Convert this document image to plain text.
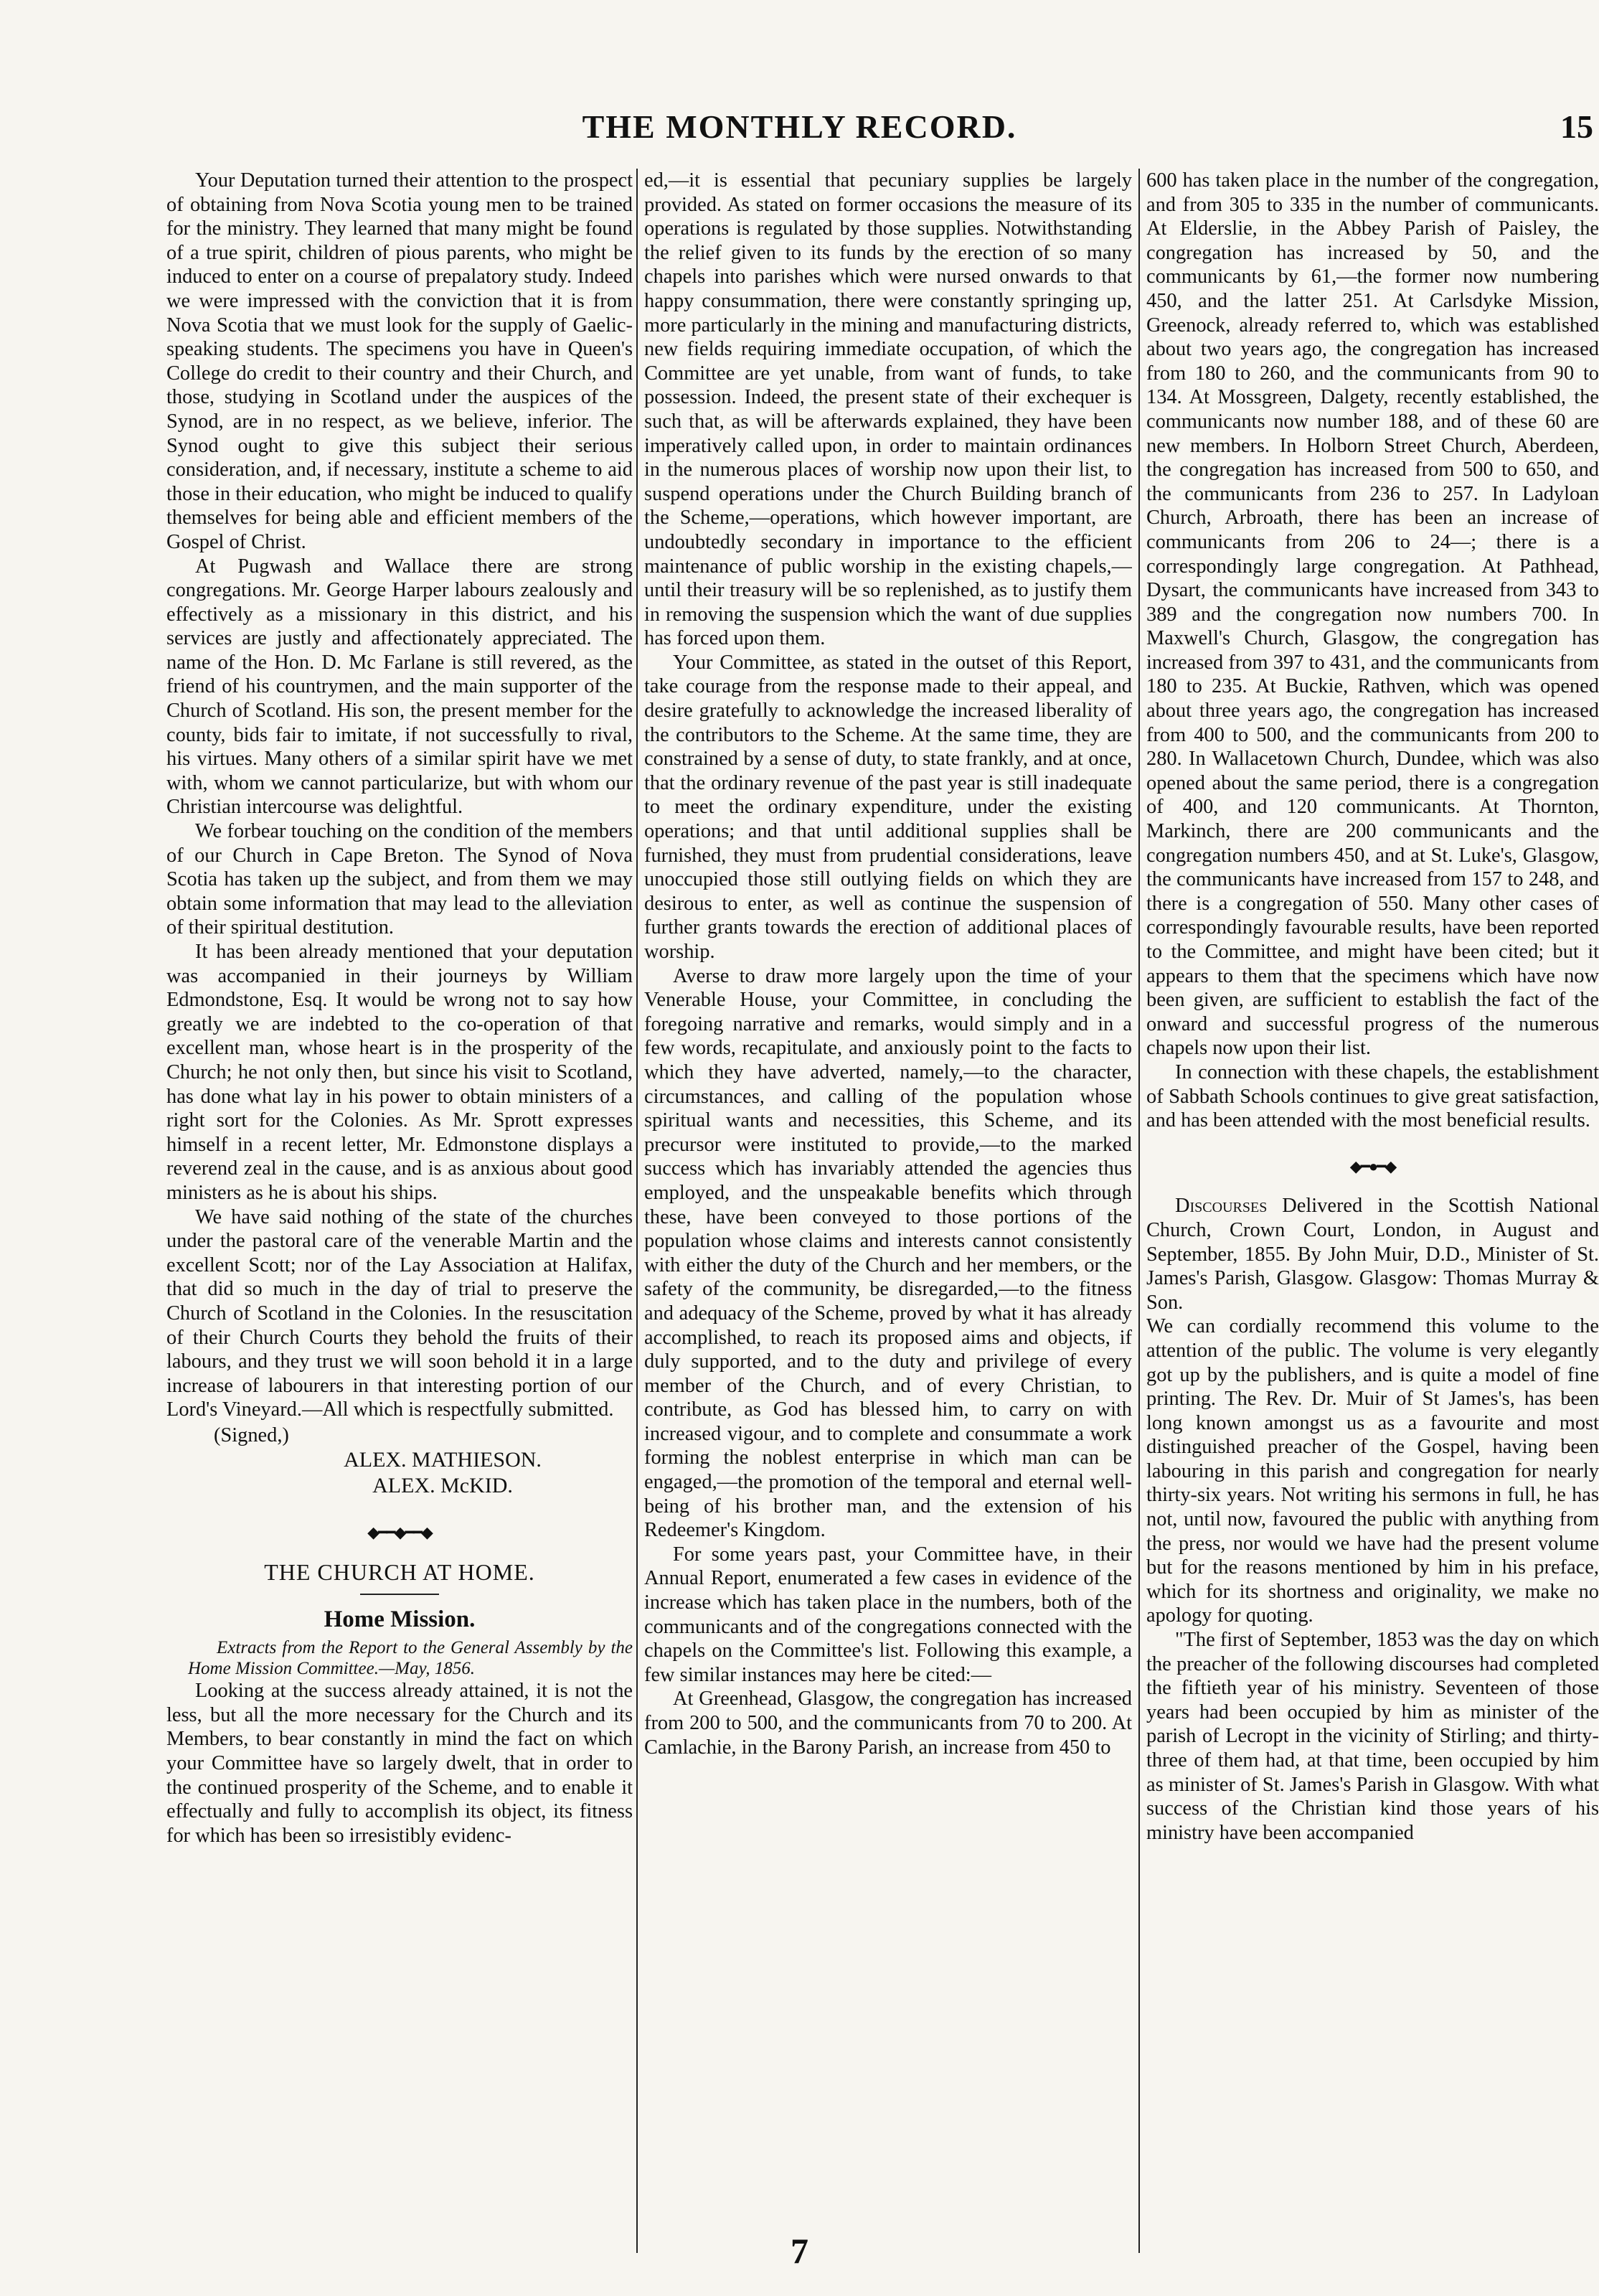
THE MONTHLY RECORD.	15

Your Deputation turned their attention to the prospect of obtaining from Nova Scotia young men to be trained for the ministry. They learned that many might be found of a true spirit, children of pious parents, who might be induced to enter on a course of prepalatory study. Indeed we were impressed with the conviction that it is from Nova Scotia that we must look for the supply of Gaelic-speaking students. The specimens you have in Queen's College do credit to their country and their Church, and those, studying in Scotland under the auspices of the Synod, are in no respect, as we believe, inferior. The Synod ought to give this subject their serious consideration, and, if necessary, institute a scheme to aid those in their education, who might be induced to qualify themselves for being able and efficient members of the Gospel of Christ.

At Pugwash and Wallace there are strong congregations. Mr. George Harper labours zealously and effectively as a missionary in this district, and his services are justly and affectionately appreciated. The name of the Hon. D. Mc Farlane is still revered, as the friend of his countrymen, and the main supporter of the Church of Scotland. His son, the present member for the county, bids fair to imitate, if not successfully to rival, his virtues. Many others of a similar spirit have we met with, whom we cannot particularize, but with whom our Christian intercourse was delightful.

We forbear touching on the condition of the members of our Church in Cape Breton. The Synod of Nova Scotia has taken up the subject, and from them we may obtain some information that may lead to the alleviation of their spiritual destitution.

It has been already mentioned that your deputation was accompanied in their journeys by William Edmondstone, Esq. It would be wrong not to say how greatly we are indebted to the co-operation of that excellent man, whose heart is in the prosperity of the Church; he not only then, but since his visit to Scotland, has done what lay in his power to obtain ministers of a right sort for the Colonies. As Mr. Sprott expresses himself in a recent letter, Mr. Edmonstone displays a reverend zeal in the cause, and is as anxious about good ministers as he is about his ships.

We have said nothing of the state of the churches under the pastoral care of the venerable Martin and the excellent Scott; nor of the Lay Association at Halifax, that did so much in the day of trial to preserve the Church of Scotland in the Colonies. In the resuscitation of their Church Courts they behold the fruits of their labours, and they trust we will soon behold it in a large increase of labourers in that interesting portion of our Lord's Vineyard.—All which is respectfully submitted.

(Signed,)
ALEX. MATHIESON.
ALEX. McKID.
◆━━◆━━◆
THE CHURCH AT HOME.
Home Mission.

Extracts from the Report to the General Assembly by the Home Mission Committee.—May, 1856.

Looking at the success already attained, it is not the less, but all the more necessary for the Church and its Members, to bear constantly in mind the fact on which your Committee have so largely dwelt, that in order to the continued prosperity of the Scheme, and to enable it effectually and fully to accomplish its object, its fitness for which has been so irresistibly evidenc-

ed,—it is essential that pecuniary supplies be largely provided. As stated on former occasions the measure of its operations is regulated by those supplies. Notwithstanding the relief given to its funds by the erection of so many chapels into parishes which were nursed onwards to that happy consummation, there were constantly springing up, more particularly in the mining and manufacturing districts, new fields requiring immediate occupation, of which the Committee are yet unable, from want of funds, to take possession. Indeed, the present state of their exchequer is such that, as will be afterwards explained, they have been imperatively called upon, in order to maintain ordinances in the numerous places of worship now upon their list, to suspend operations under the Church Building branch of the Scheme,—operations, which however important, are undoubtedly secondary in importance to the efficient maintenance of public worship in the existing chapels,—until their treasury will be so replenished, as to justify them in removing the suspension which the want of due supplies has forced upon them.

Your Committee, as stated in the outset of this Report, take courage from the response made to their appeal, and desire gratefully to acknowledge the increased liberality of the contributors to the Scheme. At the same time, they are constrained by a sense of duty, to state frankly, and at once, that the ordinary revenue of the past year is still inadequate to meet the ordinary expenditure, under the existing operations; and that until additional supplies shall be furnished, they must from prudential considerations, leave unoccupied those still outlying fields on which they are desirous to enter, as well as continue the suspension of further grants towards the erection of additional places of worship.

Averse to draw more largely upon the time of your Venerable House, your Committee, in concluding the foregoing narrative and remarks, would simply and in a few words, recapitulate, and anxiously point to the facts to which they have adverted, namely,—to the character, circumstances, and calling of the population whose spiritual wants and necessities, this Scheme, and its precursor were instituted to provide,—to the marked success which has invariably attended the agencies thus employed, and the unspeakable benefits which through these, have been conveyed to those portions of the population whose claims and interests cannot consistently with either the duty of the Church and her members, or the safety of the community, be disregarded,—to the fitness and adequacy of the Scheme, proved by what it has already accomplished, to reach its proposed aims and objects, if duly supported, and to the duty and privilege of every member of the Church, and of every Christian, to contribute, as God has blessed him, to carry on with increased vigour, and to complete and consummate a work forming the noblest enterprise in which man can be engaged,—the promotion of the temporal and eternal well-being of his brother man, and the extension of his Redeemer's Kingdom.

For some years past, your Committee have, in their Annual Report, enumerated a few cases in evidence of the increase which has taken place in the numbers, both of the communicants and of the congregations connected with the chapels on the Committee's list. Following this example, a few similar instances may here be cited:—

At Greenhead, Glasgow, the congregation has increased from 200 to 500, and the communicants from 70 to 200. At Camlachie, in the Barony Parish, an increase from 450 to

600 has taken place in the number of the congregation, and from 305 to 335 in the number of communicants. At Elderslie, in the Abbey Parish of Paisley, the congregation has increased by 50, and the communicants by 61,—the former now numbering 450, and the latter 251. At Carlsdyke Mission, Greenock, already referred to, which was established about two years ago, the congregation has increased from 180 to 260, and the communicants from 90 to 134. At Mossgreen, Dalgety, recently established, the communicants now number 188, and of these 60 are new members. In Holborn Street Church, Aberdeen, the congregation has increased from 500 to 650, and the communicants from 236 to 257. In Ladyloan Church, Arbroath, there has been an increase of communicants from 206 to 24—; there is a correspondingly large congregation. At Pathhead, Dysart, the communicants have increased from 343 to 389 and the congregation now numbers 700. In Maxwell's Church, Glasgow, the congregation has increased from 397 to 431, and the communicants from 180 to 235. At Buckie, Rathven, which was opened about three years ago, the congregation has increased from 400 to 500, and the communicants from 200 to 280. In Wallacetown Church, Dundee, which was also opened about the same period, there is a congregation of 400, and 120 communicants. At Thornton, Markinch, there are 200 communicants and the congregation numbers 450, and at St. Luke's, Glasgow, the communicants have increased from 157 to 248, and there is a congregation of 550. Many other cases of correspondingly favourable results, have been reported to the Committee, and might have been cited; but it appears to them that the specimens which have now been given, are sufficient to establish the fact of the onward and successful progress of the numerous chapels now upon their list.

In connection with these chapels, the establishment of Sabbath Schools continues to give great satisfaction, and has been attended with the most beneficial results.

◆━●━◆

Discourses Delivered in the Scottish National Church, Crown Court, London, in August and September, 1855. By John Muir, D.D., Minister of St. James's Parish, Glasgow. Glasgow: Thomas Murray & Son.

We can cordially recommend this volume to the attention of the public. The volume is very elegantly got up by the publishers, and is quite a model of fine printing. The Rev. Dr. Muir of St James's, has been long known amongst us as a favourite and most distinguished preacher of the Gospel, having been labouring in this parish and congregation for nearly thirty-six years. Not writing his sermons in full, he has not, until now, favoured the public with anything from the press, nor would we have had the present volume but for the reasons mentioned by him in his preface, which for its shortness and originality, we make no apology for quoting.

"The first of September, 1853 was the day on which the preacher of the following discourses had completed the fiftieth year of his ministry. Seventeen of those years had been occupied by him as minister of the parish of Lecropt in the vicinity of Stirling; and thirty-three of them had, at that time, been occupied by him as minister of St. James's Parish in Glasgow. With what success of the Christian kind those years of his ministry have been accompanied

7
